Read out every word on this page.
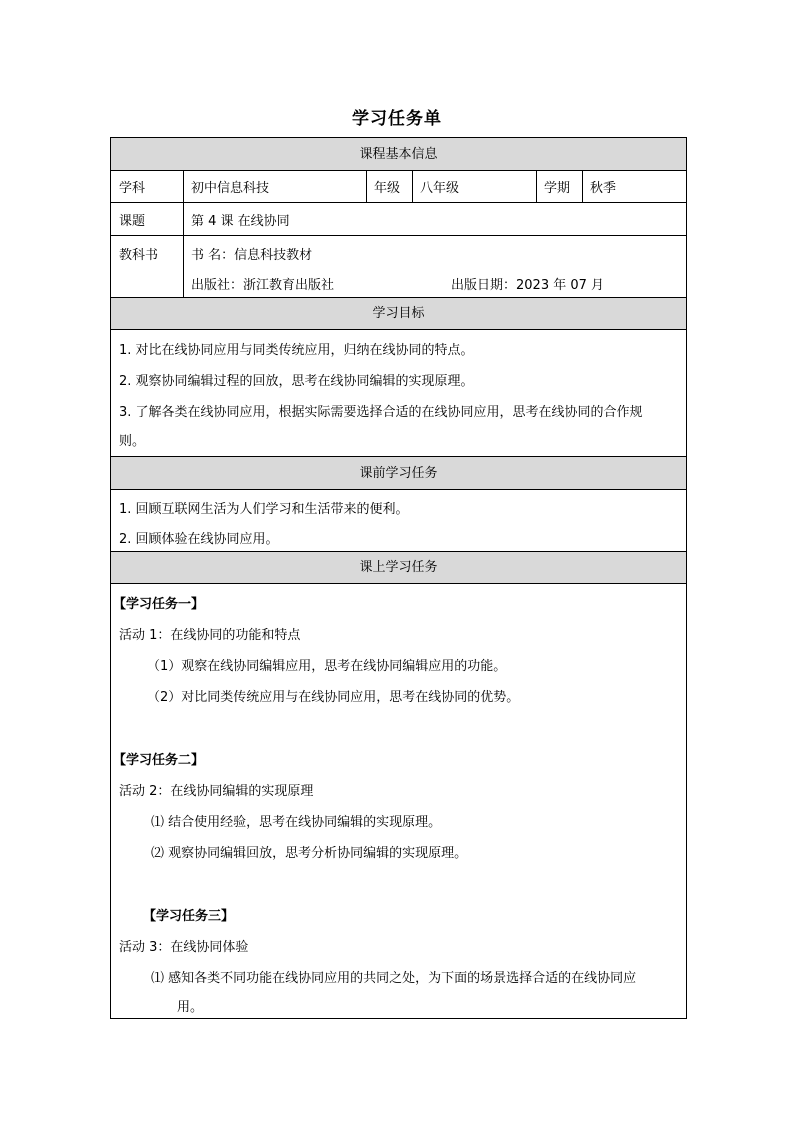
学习任务单
课程基本信息
学科	初中信息科技	年级	八年级	学期	秋季
课题	第 4 课 在线协同
教科书	书 名：信息科技教材
出版社：浙江教育出版社	出版日期：2023 年 07 月
学习目标
1. 对比在线协同应用与同类传统应用，归纳在线协同的特点。
2. 观察协同编辑过程的回放，思考在线协同编辑的实现原理。
3. 了解各类在线协同应用，根据实际需要选择合适的在线协同应用，思考在线协同的合作规
则。
课前学习任务
1. 回顾互联网生活为人们学习和生活带来的便利。
2. 回顾体验在线协同应用。
课上学习任务
【学习任务一】
活动 1：在线协同的功能和特点
（1）观察在线协同编辑应用，思考在线协同编辑应用的功能。
（2）对比同类传统应用与在线协同应用，思考在线协同的优势。
【学习任务二】
活动 2：在线协同编辑的实现原理
⑴ 结合使用经验，思考在线协同编辑的实现原理。
⑵ 观察协同编辑回放，思考分析协同编辑的实现原理。
【学习任务三】
活动 3：在线协同体验
⑴ 感知各类不同功能在线协同应用的共同之处，为下面的场景选择合适的在线协同应
用。
